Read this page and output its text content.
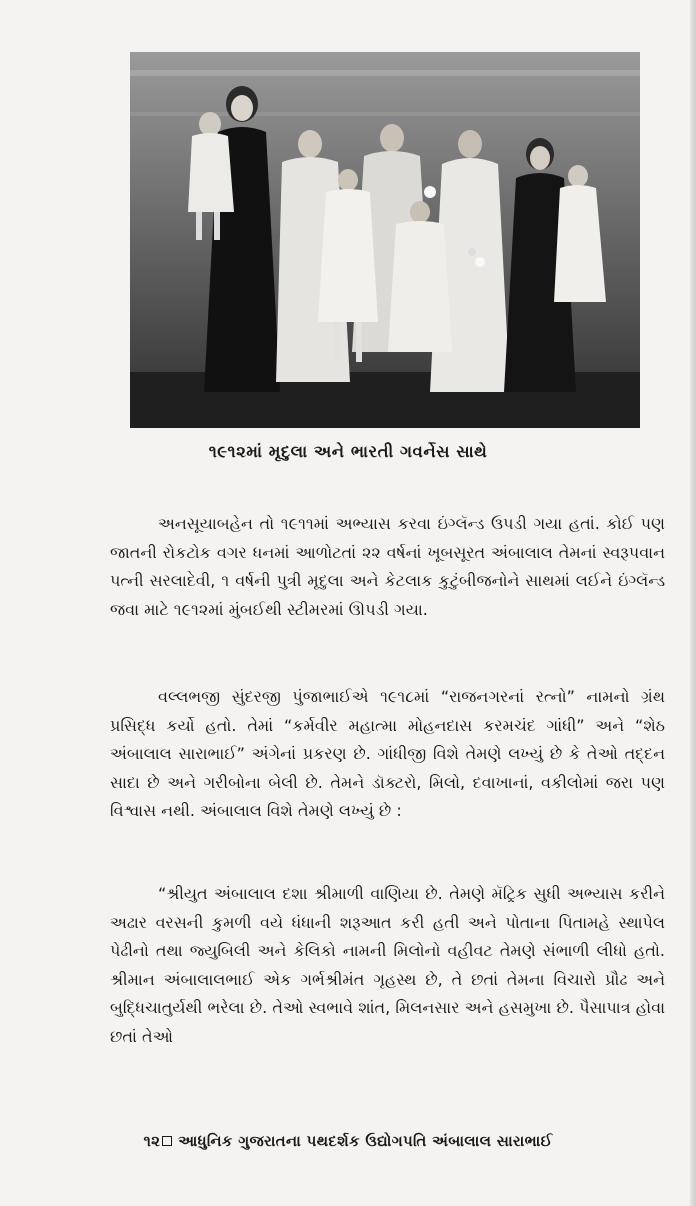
૧૯૧૨માં મૃદુલા અને ભારતી ગવર્નેસ સાથે

અનસૂયાબહેન તો ૧૯૧૧માં અભ્યાસ કરવા ઇંગ્લૅન્ડ ઉપડી ગયા હતાં. કોઈ પણ જાતની રોકટોક વગર ધનમાં આળોટતાં ૨૨ વર્ષનાં ખૂબસૂરત અંબાલાલ તેમનાં સ્વરૂપવાન પત્ની સરલાદેવી, ૧ વર્ષની પુત્રી મૃદુલા અને કેટલાક કુટુંબીજનોને સાથમાં લઈને ઇંગ્લૅન્ડ જવા માટે ૧૯૧૨માં મુંબઈથી સ્ટીમરમાં ઊપડી ગયા.

વલ્લભજી સુંદરજી પુંજાભાઈએ ૧૯૧૮માં “રાજનગરનાં રત્નો” નામનો ગ્રંથ પ્રસિદ્ધ કર્યો હતો. તેમાં “કર્મવીર મહાત્મા મોહનદાસ કરમચંદ ગાંધી” અને “શેઠ અંબાલાલ સારાભાઈ” અંગેનાં પ્રકરણ છે. ગાંધીજી વિશે તેમણે લખ્યું છે કે તેઓ તદ્દન સાદા છે અને ગરીબોના બેલી છે. તેમને ડૉક્ટરો, મિલો, દવાખાનાં, વકીલોમાં જરા પણ વિશ્વાસ નથી. અંબાલાલ વિશે તેમણે લખ્યું છે :

“શ્રીયુત અંબાલાલ દશા શ્રીમાળી વાણિયા છે. તેમણે મૅટ્રિક સુધી અભ્યાસ કરીને અઢાર વરસની કુમળી વયે ધંધાની શરૂઆત કરી હતી અને પોતાના પિતામહે સ્થાપેલ પેઢીનો તથા જ્યુબિલી અને કેલિકો નામની મિલોનો વહીવટ તેમણે સંભાળી લીધો હતો. શ્રીમાન અંબાલાલભાઈ એક ગર્ભશ્રીમંત ગૃહસ્થ છે, તે છતાં તેમના વિચારો પ્રૌઢ અને બુદ્ધિચાતુર્યથી ભરેલા છે. તેઓ સ્વભાવે શાંત, મિલનસાર અને હસમુખા છે. પૈસાપાત્ર હોવા છતાં તેઓ

૧૨ આધુનિક ગુજરાતના પથદર્શક ઉદ્યોગપતિ અંબાલાલ સારાભાઈ
